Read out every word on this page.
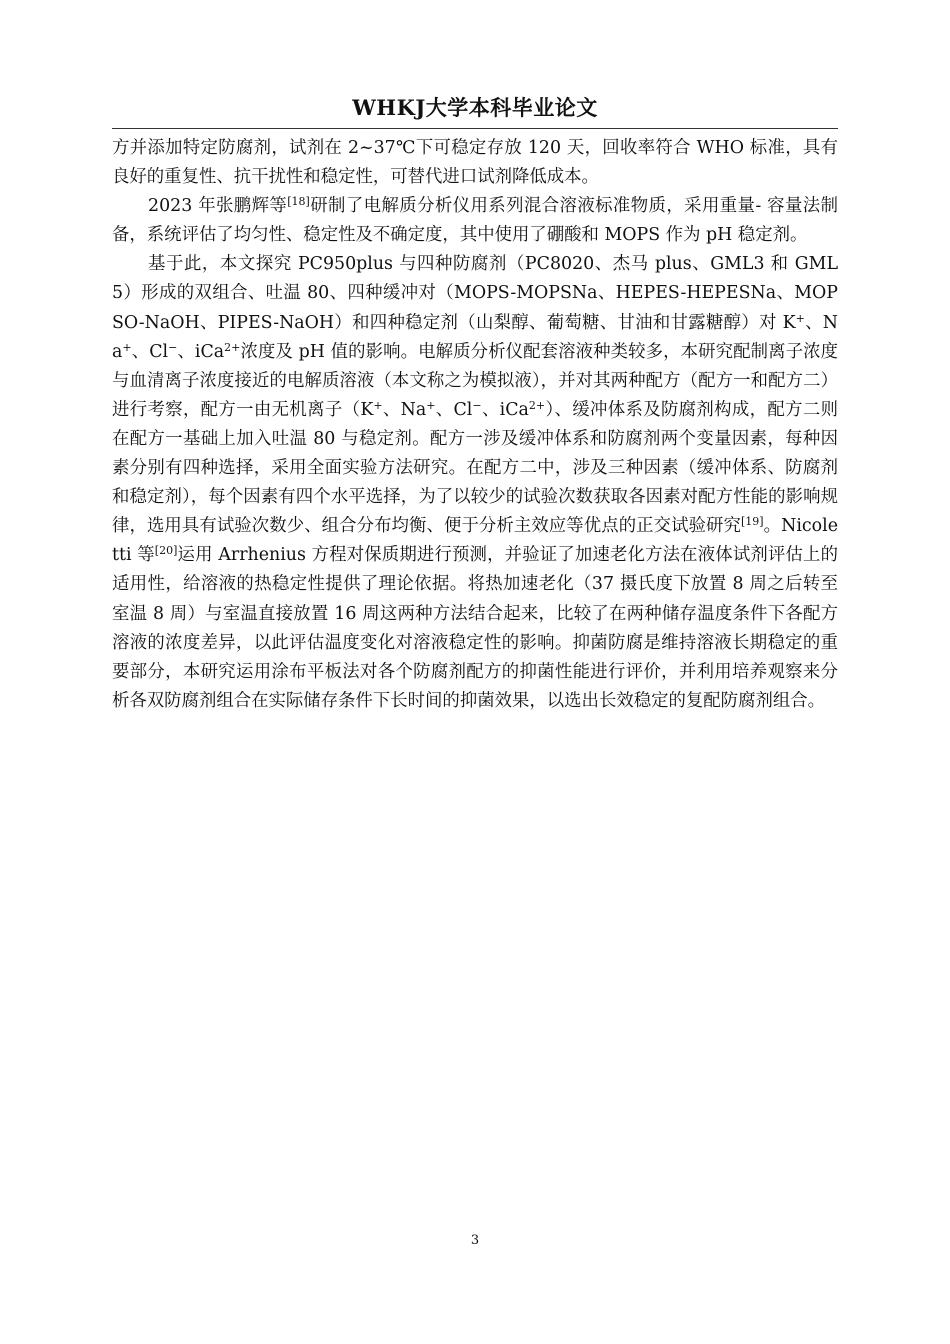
WHKJ大学本科毕业论文

方并添加特定防腐剂，试剂在 2~37℃下可稳定存放 120 天，回收率符合 WHO 标准，具有良好的重复性、抗干扰性和稳定性，可替代进口试剂降低成本。

2023 年张鹏辉等[18]研制了电解质分析仪用系列混合溶液标准物质，采用重量- 容量法制备，系统评估了均匀性、稳定性及不确定度，其中使用了硼酸和 MOPS 作为 pH 稳定剂。

基于此，本文探究 PC950plus 与四种防腐剂（PC8020、杰马 plus、GML3 和 GML5）形成的双组合、吐温 80、四种缓冲对（MOPS-MOPSNa、HEPES-HEPESNa、MOPSO-NaOH、PIPES-NaOH）和四种稳定剂（山梨醇、葡萄糖、甘油和甘露糖醇）对 K+、Na+、Cl−、iCa$^{2+}$浓度及 pH 值的影响。电解质分析仪配套溶液种类较多，本研究配制离子浓度与血清离子浓度接近的电解质溶液（本文称之为模拟液），并对其两种配方（配方一和配方二）进行考察，配方一由无机离子（K+、Na+、Cl−、iCa$^{2+}$）、缓冲体系及防腐剂构成，配方二则在配方一基础上加入吐温 80 与稳定剂。配方一涉及缓冲体系和防腐剂两个变量因素，每种因素分别有四种选择，采用全面实验方法研究。在配方二中，涉及三种因素（缓冲体系、防腐剂和稳定剂），每个因素有四个水平选择，为了以较少的试验次数获取各因素对配方性能的影响规律，选用具有试验次数少、组合分布均衡、便于分析主效应等优点的正交试验研究[19]。Nicoletti 等[20]运用 Arrhenius 方程对保质期进行预测，并验证了加速老化方法在液体试剂评估上的适用性，给溶液的热稳定性提供了理论依据。将热加速老化（37 摄氏度下放置 8 周之后转至室温 8 周）与室温直接放置 16 周这两种方法结合起来，比较了在两种储存温度条件下各配方溶液的浓度差异，以此评估温度变化对溶液稳定性的影响。抑菌防腐是维持溶液长期稳定的重要部分，本研究运用涂布平板法对各个防腐剂配方的抑菌性能进行评价，并利用培养观察来分析各双防腐剂组合在实际储存条件下长时间的抑菌效果，以选出长效稳定的复配防腐剂组合。

3
